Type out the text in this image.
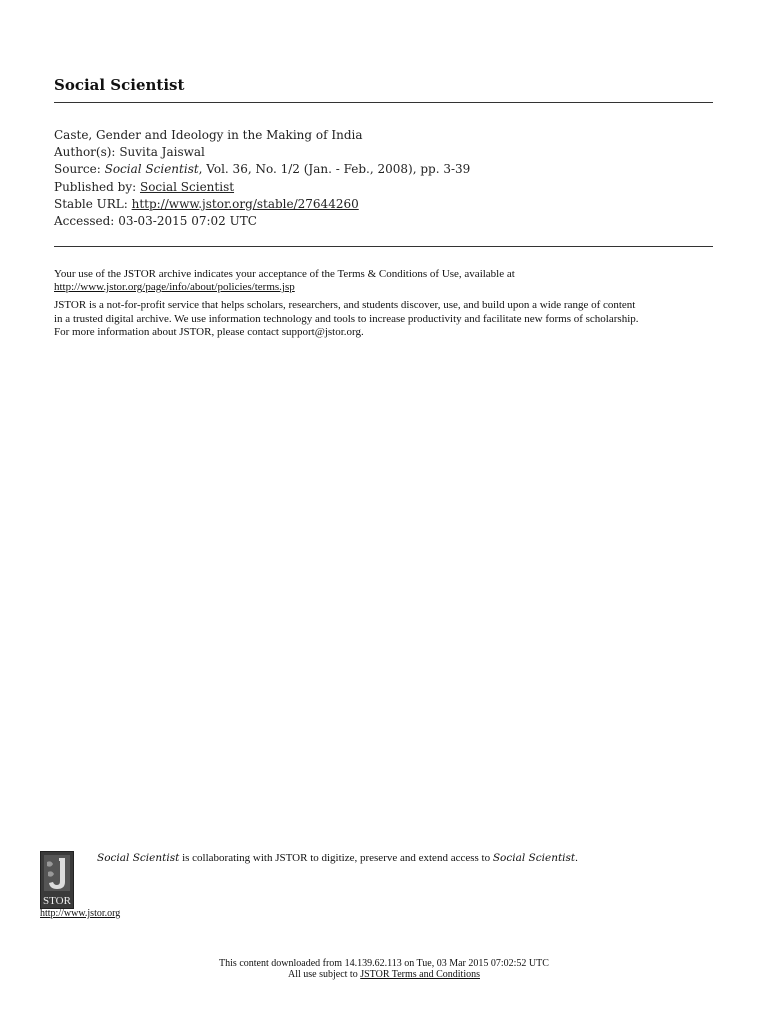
Social Scientist
Caste, Gender and Ideology in the Making of India
Author(s): Suvita Jaiswal
Source: Social Scientist, Vol. 36, No. 1/2 (Jan. - Feb., 2008), pp. 3-39
Published by: Social Scientist
Stable URL: http://www.jstor.org/stable/27644260
Accessed: 03-03-2015 07:02 UTC

Your use of the JSTOR archive indicates your acceptance of the Terms & Conditions of Use, available at
http://www.jstor.org/page/info/about/policies/terms.jsp

JSTOR is a not-for-profit service that helps scholars, researchers, and students discover, use, and build upon a wide range of content
in a trusted digital archive. We use information technology and tools to increase productivity and facilitate new forms of scholarship.
For more information about JSTOR, please contact support@jstor.org.

STOR
http://www.jstor.org
Social Scientist is collaborating with JSTOR to digitize, preserve and extend access to Social Scientist.
This content downloaded from 14.139.62.113 on Tue, 03 Mar 2015 07:02:52 UTC
All use subject to JSTOR Terms and Conditions
